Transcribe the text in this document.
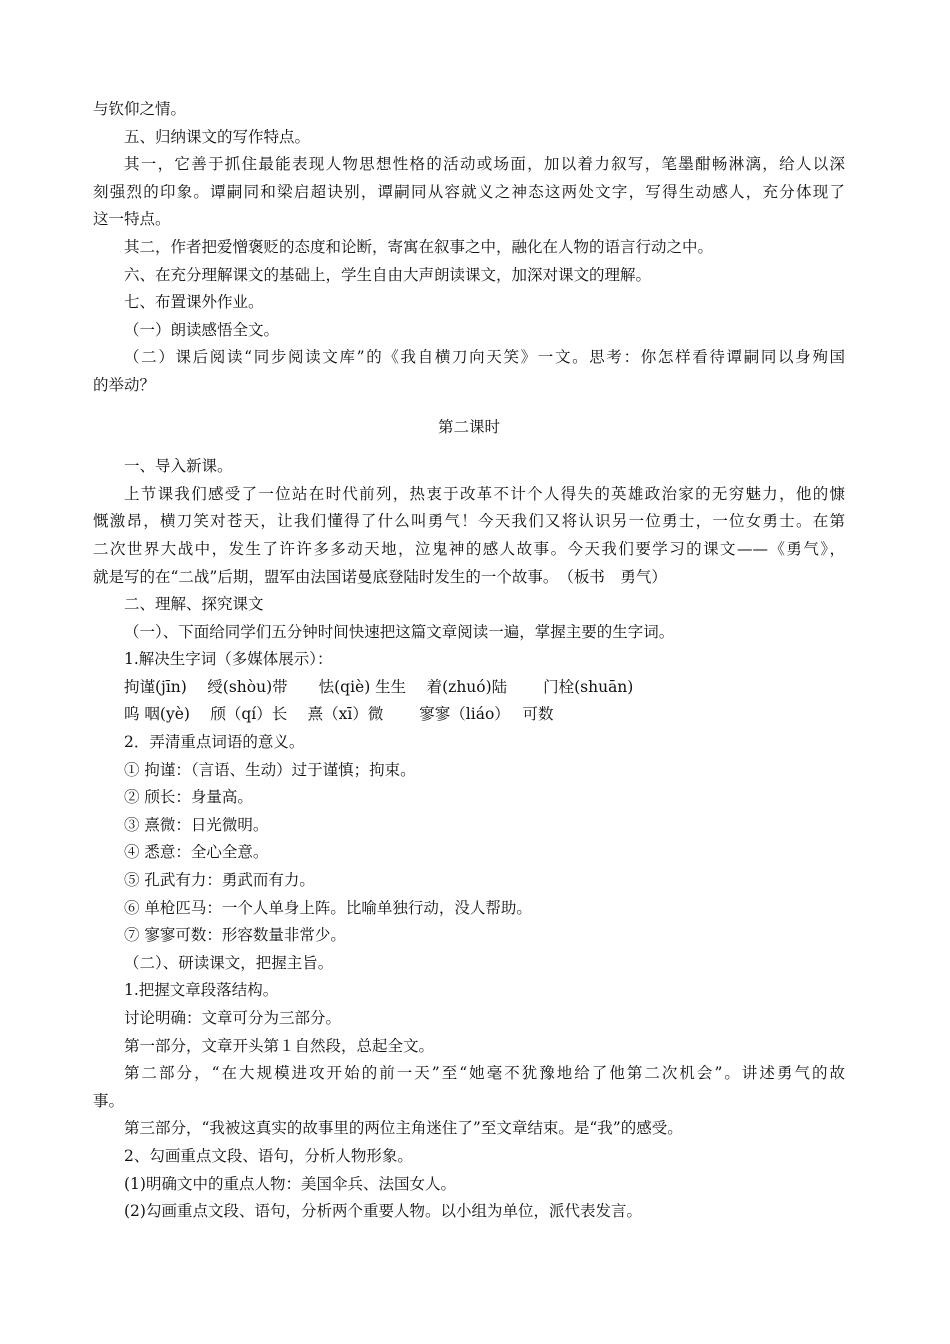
与钦仰之情。
五、归纳课文的写作特点。
其一，它善于抓住最能表现人物思想性格的活动或场面，加以着力叙写，笔墨酣畅淋漓，给人以深
刻强烈的印象。谭嗣同和梁启超诀别，谭嗣同从容就义之神态这两处文字，写得生动感人，充分体现了
这一特点。
其二，作者把爱憎褒贬的态度和论断，寄寓在叙事之中，融化在人物的语言行动之中。
六、在充分理解课文的基础上，学生自由大声朗读课文，加深对课文的理解。
七、布置课外作业。
（一）朗读感悟全文。
（二）课后阅读“同步阅读文库”的《我自横刀向天笑》一文。思考：你怎样看待谭嗣同以身殉国
的举动？
第二课时
一、导入新课。
上节课我们感受了一位站在时代前列，热衷于改革不计个人得失的英雄政治家的无穷魅力，他的慷
慨激昂，横刀笑对苍天，让我们懂得了什么叫勇气！今天我们又将认识另一位勇士，一位女勇士。在第
二次世界大战中，发生了许许多多动天地，泣鬼神的感人故事。今天我们要学习的课文——《勇气》，
就是写的在“二战”后期，盟军由法国诺曼底登陆时发生的一个故事。　（板书　勇气）
二、理解、探究课文
（一）、下面给同学们五分钟时间快速把这篇文章阅读一遍，掌握主要的生字词。
1.解决生字词（多媒体展示）：
拘谨(jīn)　 绶(shòu)带　　怯(qiè) 生生　 着(zhuó)陆　　 门栓(shuān)
呜 咽(yè)　 颀（qí）长　 熹（xī）微　　 寥寥（liáo）　 可数
2．弄清重点词语的意义。
① 拘谨：（言语、生动）过于谨慎；拘束。
② 颀长：身量高。
③ 熹微：日光微明。
④ 悉意：全心全意。
⑤ 孔武有力：勇武而有力。
⑥ 单枪匹马：一个人单身上阵。比喻单独行动，没人帮助。
⑦ 寥寥可数：形容数量非常少。
（二）、研读课文，把握主旨。
1.把握文章段落结构。
讨论明确：文章可分为三部分。
第一部分，文章开头第１自然段，总起全文。
第二部分，“在大规模进攻开始的前一天”至“她毫不犹豫地给了他第二次机会”。讲述勇气的故
事。
第三部分，“我被这真实的故事里的两位主角迷住了”至文章结束。是“我”的感受。
2、勾画重点文段、语句，分析人物形象。
(1)明确文中的重点人物：美国伞兵、法国女人。
(2)勾画重点文段、语句，分析两个重要人物。以小组为单位，派代表发言。
